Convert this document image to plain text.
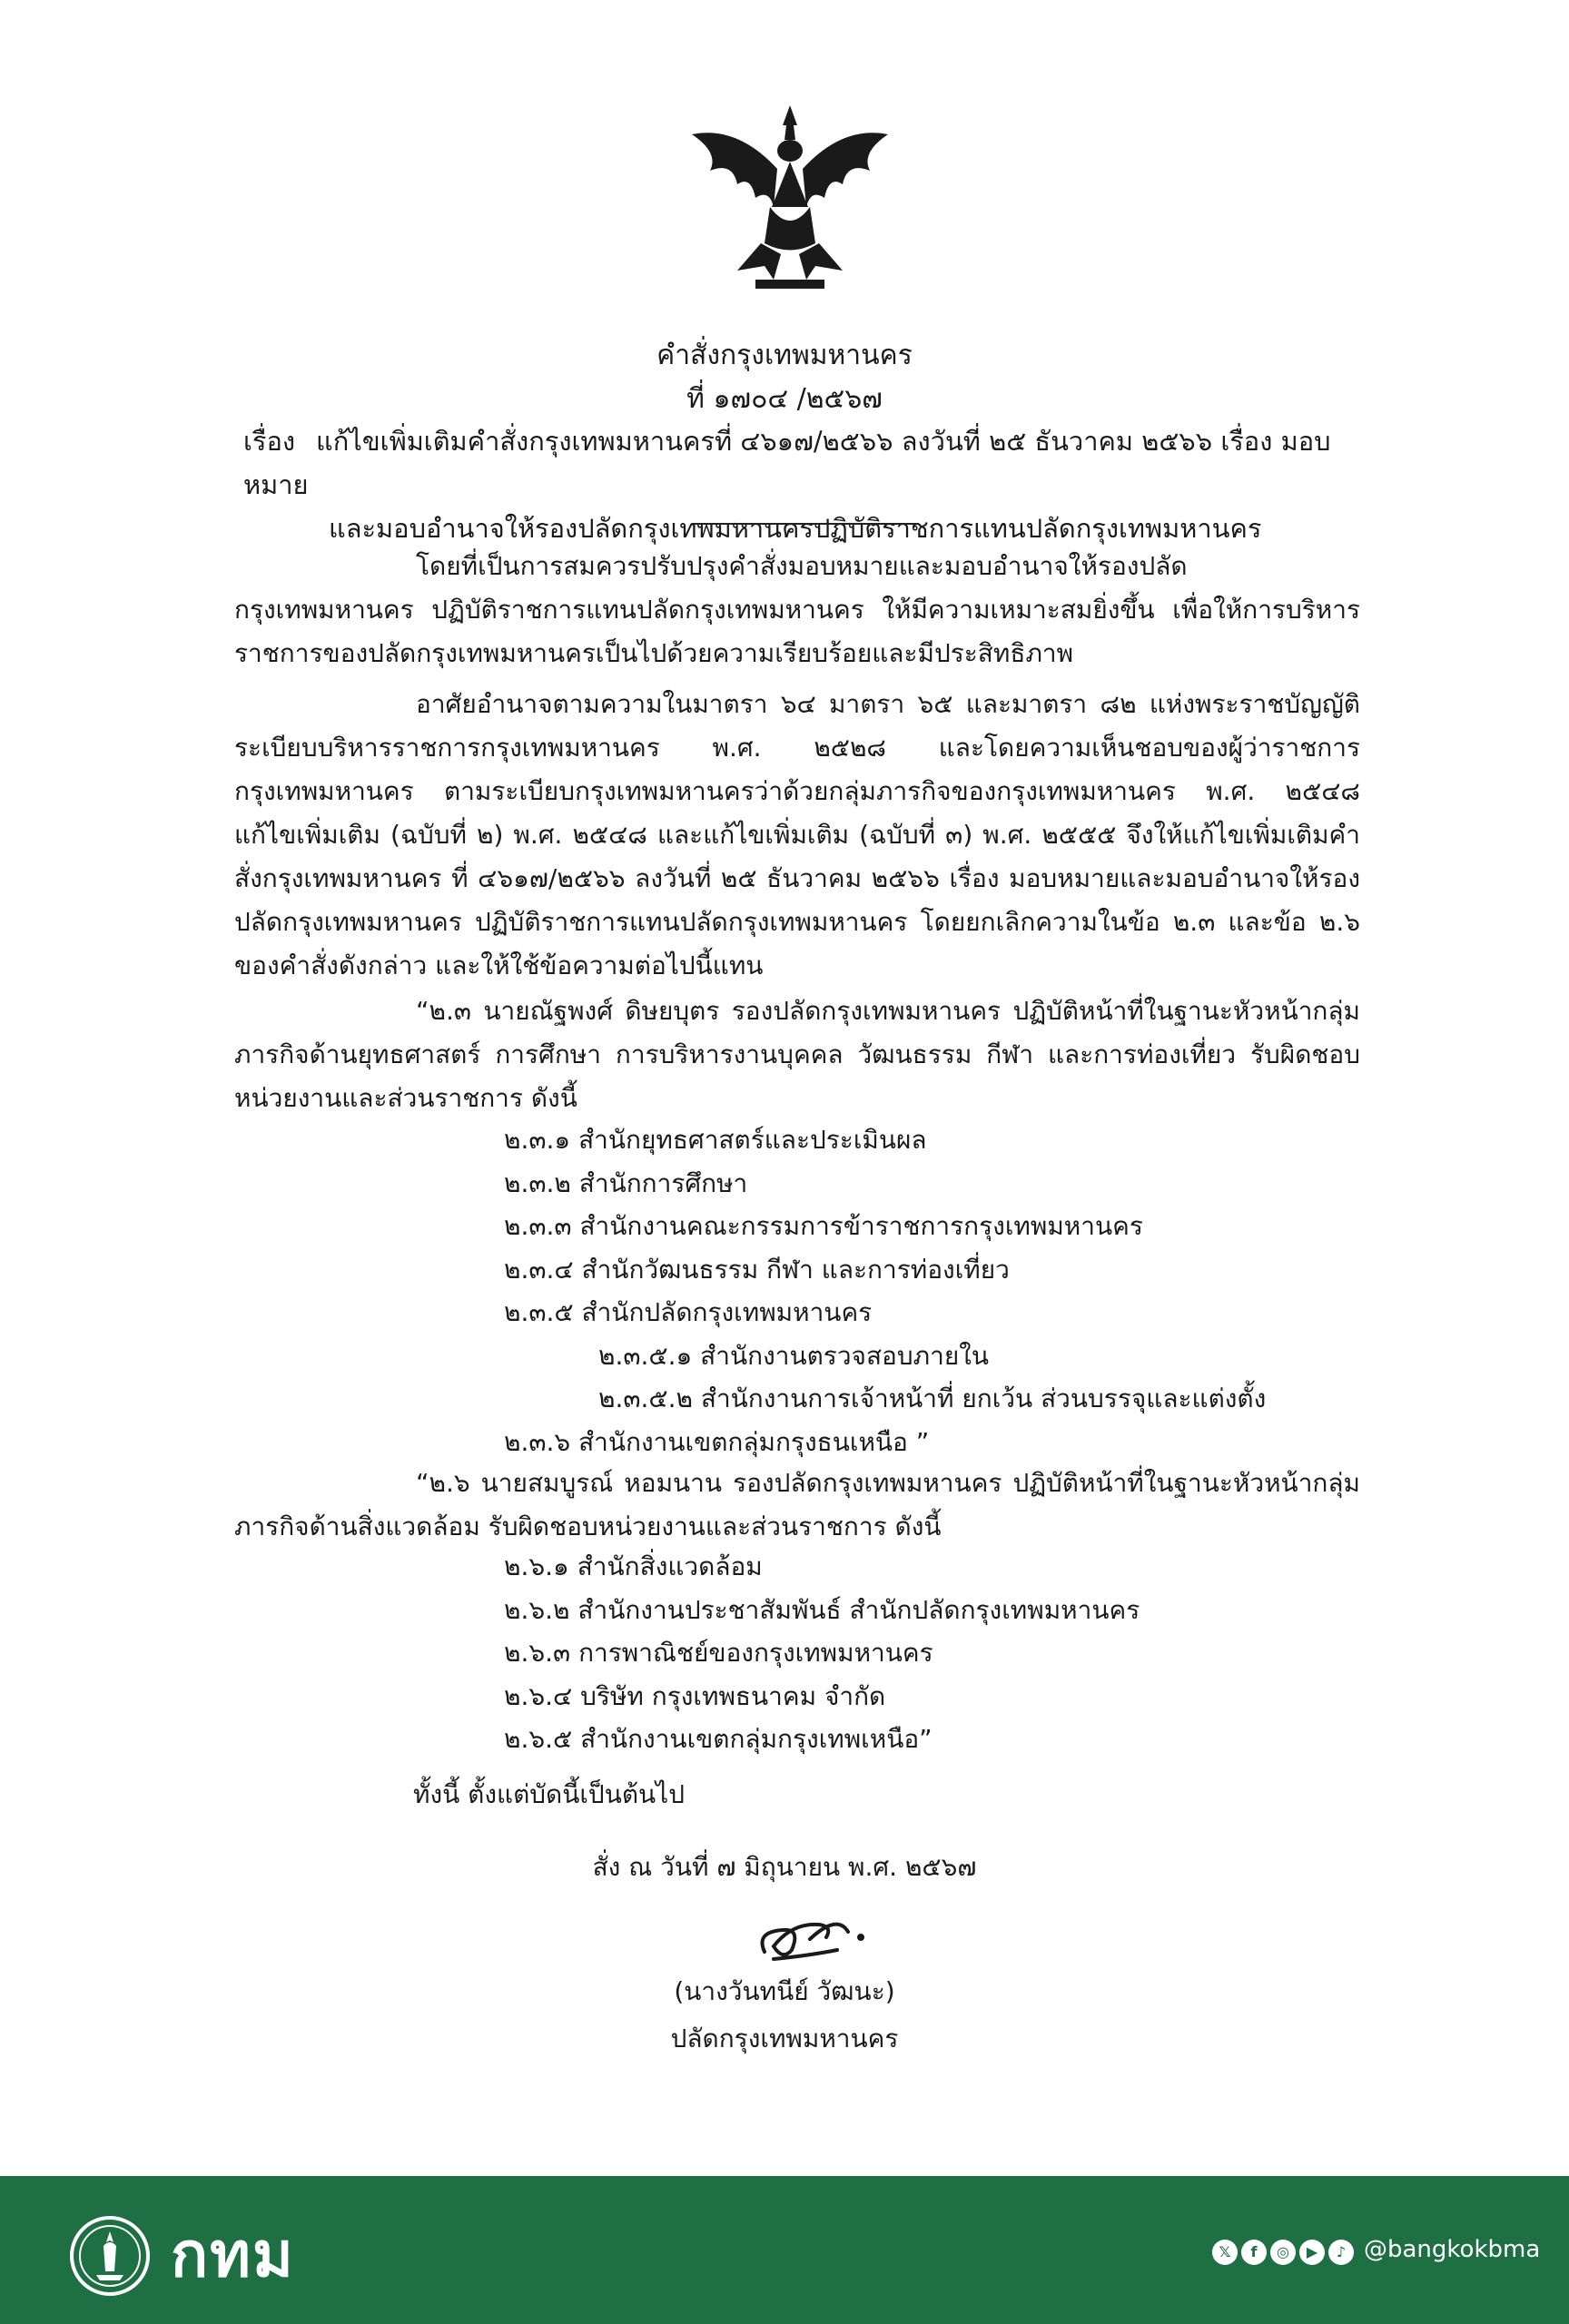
คำสั่งกรุงเทพมหานคร
ที่ ๑๗๐๔ /๒๕๖๗
เรื่อง แก้ไขเพิ่มเติมคำสั่งกรุงเทพมหานครที่ ๔๖๑๗/๒๕๖๖ ลงวันที่ ๒๕ ธันวาคม ๒๕๖๖ เรื่อง มอบหมาย
และมอบอำนาจให้รองปลัดกรุงเทพมหานครปฏิบัติราชการแทนปลัดกรุงเทพมหานคร
โดยที่เป็นการสมควรปรับปรุงคำสั่งมอบหมายและมอบอำนาจให้รองปลัดกรุงเทพมหานคร ปฏิบัติราชการแทนปลัดกรุงเทพมหานคร ให้มีความเหมาะสมยิ่งขึ้น เพื่อให้การบริหารราชการของปลัดกรุงเทพมหานครเป็นไปด้วยความเรียบร้อยและมีประสิทธิภาพ
อาศัยอำนาจตามความในมาตรา ๖๔ มาตรา ๖๕ และมาตรา ๘๒ แห่งพระราชบัญญัติระเบียบบริหารราชการกรุงเทพมหานคร พ.ศ. ๒๕๒๘ และโดยความเห็นชอบของผู้ว่าราชการกรุงเทพมหานคร ตามระเบียบกรุงเทพมหานครว่าด้วยกลุ่มภารกิจของกรุงเทพมหานคร พ.ศ. ๒๕๔๘ แก้ไขเพิ่มเติม (ฉบับที่ ๒) พ.ศ. ๒๕๔๘ และแก้ไขเพิ่มเติม (ฉบับที่ ๓) พ.ศ. ๒๕๕๕ จึงให้แก้ไขเพิ่มเติมคำสั่งกรุงเทพมหานคร ที่ ๔๖๑๗/๒๕๖๖ ลงวันที่ ๒๕ ธันวาคม ๒๕๖๖ เรื่อง มอบหมายและมอบอำนาจให้รองปลัดกรุงเทพมหานคร ปฏิบัติราชการแทนปลัดกรุงเทพมหานคร โดยยกเลิกความในข้อ ๒.๓ และข้อ ๒.๖ ของคำสั่งดังกล่าว และให้ใช้ข้อความต่อไปนี้แทน
“๒.๓ นายณัฐพงศ์ ดิษยบุตร รองปลัดกรุงเทพมหานคร ปฏิบัติหน้าที่ในฐานะหัวหน้ากลุ่มภารกิจด้านยุทธศาสตร์ การศึกษา การบริหารงานบุคคล วัฒนธรรม กีฬา และการท่องเที่ยว รับผิดชอบหน่วยงานและส่วนราชการ ดังนี้
๒.๓.๑ สำนักยุทธศาสตร์และประเมินผล
๒.๓.๒ สำนักการศึกษา
๒.๓.๓ สำนักงานคณะกรรมการข้าราชการกรุงเทพมหานคร
๒.๓.๔ สำนักวัฒนธรรม กีฬา และการท่องเที่ยว
๒.๓.๕ สำนักปลัดกรุงเทพมหานคร
๒.๓.๕.๑ สำนักงานตรวจสอบภายใน
๒.๓.๕.๒ สำนักงานการเจ้าหน้าที่ ยกเว้น ส่วนบรรจุและแต่งตั้ง
๒.๓.๖ สำนักงานเขตกลุ่มกรุงธนเหนือ ”
“๒.๖ นายสมบูรณ์ หอมนาน รองปลัดกรุงเทพมหานคร ปฏิบัติหน้าที่ในฐานะหัวหน้ากลุ่มภารกิจด้านสิ่งแวดล้อม รับผิดชอบหน่วยงานและส่วนราชการ ดังนี้
๒.๖.๑ สำนักสิ่งแวดล้อม
๒.๖.๒ สำนักงานประชาสัมพันธ์ สำนักปลัดกรุงเทพมหานคร
๒.๖.๓ การพาณิชย์ของกรุงเทพมหานคร
๒.๖.๔ บริษัท กรุงเทพธนาคม จำกัด
๒.๖.๕ สำนักงานเขตกลุ่มกรุงเทพเหนือ”
ทั้งนี้ ตั้งแต่บัดนี้เป็นต้นไป
สั่ง ณ วันที่ ๗ มิถุนายน พ.ศ. ๒๕๖๗
(นางวันทนีย์ วัฒนะ)
ปลัดกรุงเทพมหานคร
กทม	𝕏	f	◎	▶	♪ @bangkokbma
